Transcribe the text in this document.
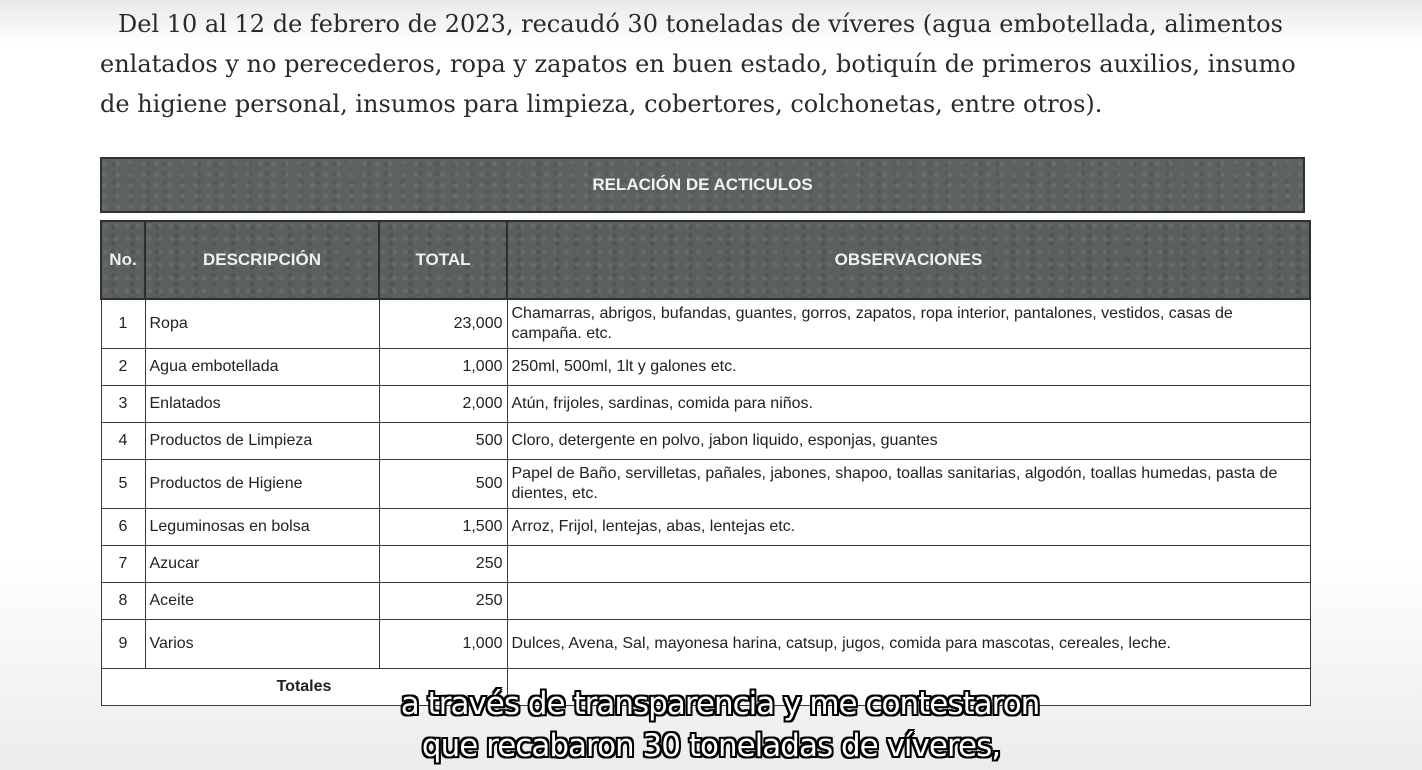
Del 10 al 12 de febrero de 2023, recaudó 30 toneladas de víveres (agua embotellada, alimentos
enlatados y no perecederos, ropa y zapatos en buen estado, botiquín de primeros auxilios, insumo
de higiene personal, insumos para limpieza, cobertores, colchonetas, entre otros).
RELACIÓN DE ACTICULOS
No.	DESCRIPCIÓN	TOTAL	OBSERVACIONES
1	Ropa	23,000	Chamarras, abrigos, bufandas, guantes, gorros, zapatos, ropa interior, pantalones, vestidos, casas de campaña. etc.
2	Agua embotellada	1,000	250ml, 500ml, 1lt y galones etc.
3	Enlatados	2,000	Atún, frijoles, sardinas, comida para niños.
4	Productos de Limpieza	500	Cloro, detergente en polvo, jabon liquido, esponjas, guantes
5	Productos de Higiene	500	Papel de Baño, servilletas, pañales, jabones, shapoo, toallas sanitarias, algodón, toallas humedas, pasta de dientes, etc.
6	Leguminosas en bolsa	1,500	Arroz, Frijol, lentejas, abas, lentejas etc.
7	Azucar	250	
8	Aceite	250	
9	Varios	1,000	Dulces, Avena, Sal, mayonesa harina, catsup, jugos, comida para mascotas, cereales, leche.
Totales				a través de transparencia y me contestaron
que recabaron 30 toneladas de víveres,
